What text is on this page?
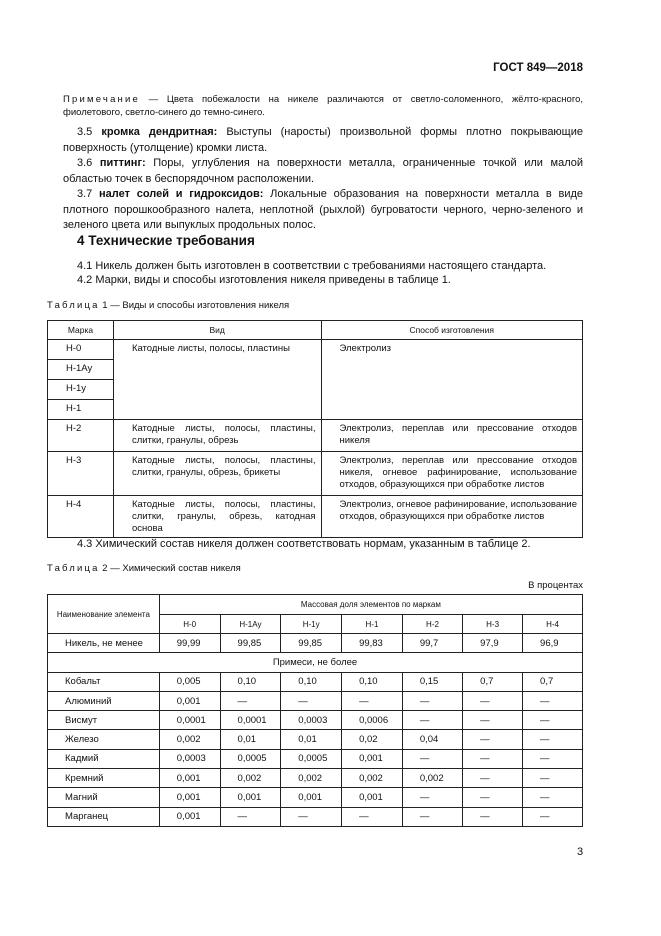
ГОСТ 849—2018

Примечание — Цвета побежалости на никеле различаются от светло-соломенного, жёлто-красного, фиолетового, светло-синего до темно-синего.

3.5 кромка дендритная: Выступы (наросты) произвольной формы плотно покрывающие поверхность (утолщение) кромки листа.

3.6 питтинг: Поры, углубления на поверхности металла, ограниченные точкой или малой областью точек в беспорядочном расположении.

3.7 налет солей и гидроксидов: Локальные образования на поверхности металла в виде плотного порошкообразного налета, неплотной (рыхлой) бугроватости черного, черно-зеленого и зеленого цвета или выпуклых продольных полос.

4 Технические требования

4.1 Никель должен быть изготовлен в соответствии с требованиями настоящего стандарта.

4.2 Марки, виды и способы изготовления никеля приведены в таблице 1.

Таблица 1 — Виды и способы изготовления никеля
Марка	Вид	Способ изготовления
Н-0	Катодные листы, полосы, пластины	Электролиз
Н-1Ау		
Н-1у		
Н-1		
Н-2	Катодные листы, полосы, пластины, слитки, гранулы, обрезь	Электролиз, переплав или прессование отходов никеля
Н-3	Катодные листы, полосы, пластины, слитки, гранулы, обрезь, брикеты	Электролиз, переплав или прессование отходов никеля, огневое рафинирование, использование отходов, образующихся при обработке листов
Н-4	Катодные листы, полосы, пластины, слитки, гранулы, обрезь, катодная основа	Электролиз, огневое рафинирование, использование отходов, образующихся при обработке листов

4.3 Химический состав никеля должен соответствовать нормам, указанным в таблице 2.

Таблица 2 — Химический состав никеля
В процентах
Наименование элемента	Массовая доля элементов по маркам						
	Н-0	Н-1Ау	Н-1у	Н-1	Н-2	Н-3	Н-4
Никель, не менее	99,99	99,85	99,85	99,83	99,7	97,9	96,9
Примеси, не более							
Кобальт	0,005	0,10	0,10	0,10	0,15	0,7	0,7
Алюминий	0,001	—	—	—	—	—	—
Висмут	0,0001	0,0001	0,0003	0,0006	—	—	—
Железо	0,002	0,01	0,01	0,02	0,04	—	—
Кадмий	0,0003	0,0005	0,0005	0,001	—	—	—
Кремний	0,001	0,002	0,002	0,002	0,002	—	—
Магний	0,001	0,001	0,001	0,001	—	—	—
Марганец	0,001	—	—	—	—	—	—
3
